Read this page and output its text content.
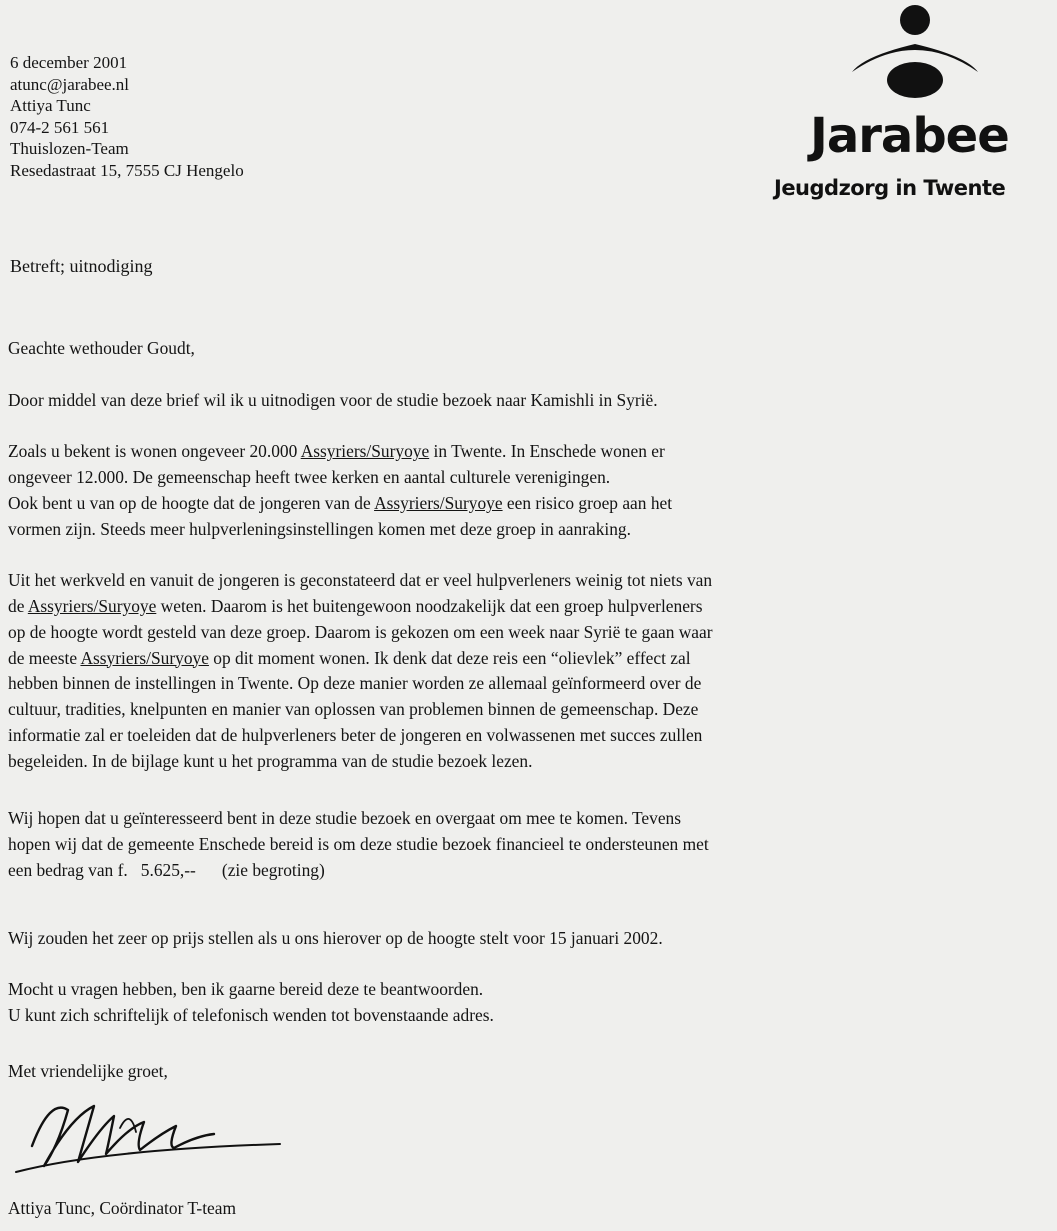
6 december 2001
atunc@jarabee.nl
Attiya Tunc
074-2 561 561
Thuislozen-Team
Resedastraat 15, 7555 CJ Hengelo
Jarabee
Jeugdzorg in Twente
Betreft; uitnodiging

Geachte wethouder Goudt,

Door middel van deze brief wil ik u uitnodigen voor de studie bezoek naar Kamishli in Syrië.

Zoals u bekent is wonen ongeveer 20.000 Assyriers/Suryoye in Twente. In Enschede wonen er

ongeveer 12.000. De gemeenschap heeft twee kerken en aantal culturele verenigingen.

Ook bent u van op de hoogte dat de jongeren van de Assyriers/Suryoye een risico groep aan het

vormen zijn. Steeds meer hulpverleningsinstellingen komen met deze groep in aanraking.

Uit het werkveld en vanuit de jongeren is geconstateerd dat er veel hulpverleners weinig tot niets van

de Assyriers/Suryoye weten. Daarom is het buitengewoon noodzakelijk dat een groep hulpverleners

op de hoogte wordt gesteld van deze groep. Daarom is gekozen om een week naar Syrië te gaan waar

de meeste Assyriers/Suryoye op dit moment wonen. Ik denk dat deze reis een “olievlek” effect zal

hebben binnen de instellingen in Twente. Op deze manier worden ze allemaal geïnformeerd over de

cultuur, tradities, knelpunten en manier van oplossen van problemen binnen de gemeenschap. Deze

informatie zal er toeleiden dat de hulpverleners beter de jongeren en volwassenen met succes zullen

begeleiden. In de bijlage kunt u het programma van de studie bezoek lezen.

Wij hopen dat u geïnteresseerd bent in deze studie bezoek en overgaat om mee te komen. Tevens

hopen wij dat de gemeente Enschede bereid is om deze studie bezoek financieel te ondersteunen met

een bedrag van f.   5.625,--      (zie begroting)

Wij zouden het zeer op prijs stellen als u ons hierover op de hoogte stelt voor 15 januari 2002.

Mocht u vragen hebben, ben ik gaarne bereid deze te beantwoorden.

U kunt zich schriftelijk of telefonisch wenden tot bovenstaande adres.

Met vriendelijke groet,

Attiya Tunc, Coördinator T-team
